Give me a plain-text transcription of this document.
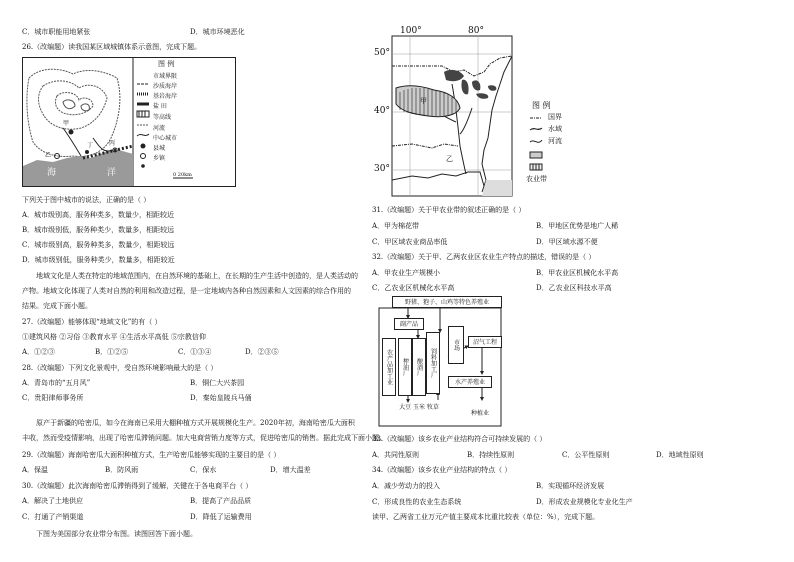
C．城市职能用地紧张	D．城市环境恶化
26.（改编题）读我国某区域城镇体系示意图，完成下题。
图 例
市域界限
沙质海岸
基岩海岸
盐 田
等高线
河流
中心城市
县城
乡镇
0 20km
甲
乙
丙
丁
海	洋
下列关于图中城市的说法，正确的是（ ）
A．城市级别高，服务种类多，数量少，相距较近
B．城市级别低，服务种类少，数量多，相距较远
C．城市级别高，服务种类多，数量少，相距较远
D．城市级别低，服务种类少，数量多，相距较近
地域文化是人类在特定的地域范围内，在自然环境的基础上，在长期的生产生活中创造的，是人类活动的
产物。地域文化体现了人类对自然的利用和改造过程，是一定地域内各种自然因素和人文因素的综合作用的
结果。完成下面小题。
27.（改编题）能够体现“地域文化”的有（ ）
①建筑风格 ②习俗 ③教育水平 ④生活水平高低 ⑤宗教信仰
A．①②③	B．①②⑤	C．①③④	D．②③⑤
28.（改编题）下列文化景观中，受自然环境影响最大的是（ ）
A．青岛市的“五月风”	B．铜仁大兴茶园
C．贵阳律师事务所	D．秦始皇陵兵马俑
原产于新疆的哈密瓜，如今在海南已采用大棚种植方式开展规模化生产。2020年初，海南哈密瓜大面积
丰收，然而受疫情影响，出现了哈密瓜滞销问题。加大电商营销力度等方式，促进哈密瓜的销售。据此完成下面小题。
29.（改编题）海南哈密瓜大面积种植方式，生产哈密瓜能够实现的主要目的是（ ）
A．保温	B．防风雨	C．保水	D．增大温差
30.（改编题）此次海南哈密瓜滞销得到了缓解，关键在于各电商平台（ ）
A．解决了土地供应	B．提高了产品品质
C．打通了产销渠道	D．降低了运输费用
下图为美国部分农业带分布图。读图回答下面小题。
100°	80°
50°
40°
30°
甲
乙
图 例
国界
水域
河流
农业带
31.（改编题）关于甲农业带的叙述正确的是（ ）
A．甲为棉花带	B．甲地区优势是地广人稀
C．甲区域农业商品率低	D．甲区域水源不便
32.（改编题）关于甲、乙两农业区农业生产特点的描述，错误的是（ ）
A．甲农业生产规模小	B．甲农业区机械化水平高
C．乙农业区机械化水平高	D．乙农业区科技水平高
野猪、狍子、山鸡等特色养殖业
副产品
农产品加工业	榨油厂	酿酒厂	饲料加工厂
市场	沼气工程
水产养殖业
大豆 玉米 牧草
种植业
33.（改编题）该乡农业产业结构符合可持续发展的（ ）
A．共同性原则	B．持续性原则	C．公平性原则	D．地域性原则
34.（改编题）该乡农业产业结构的特点（ ）
A．减少劳动力的投入	B．实现循环经济发展
C．形成良性的农业生态系统	D．形成农业规模化专业化生产
读甲、乙两省工业万元产值主要成本比重比较表（单位：%），完成下题。
